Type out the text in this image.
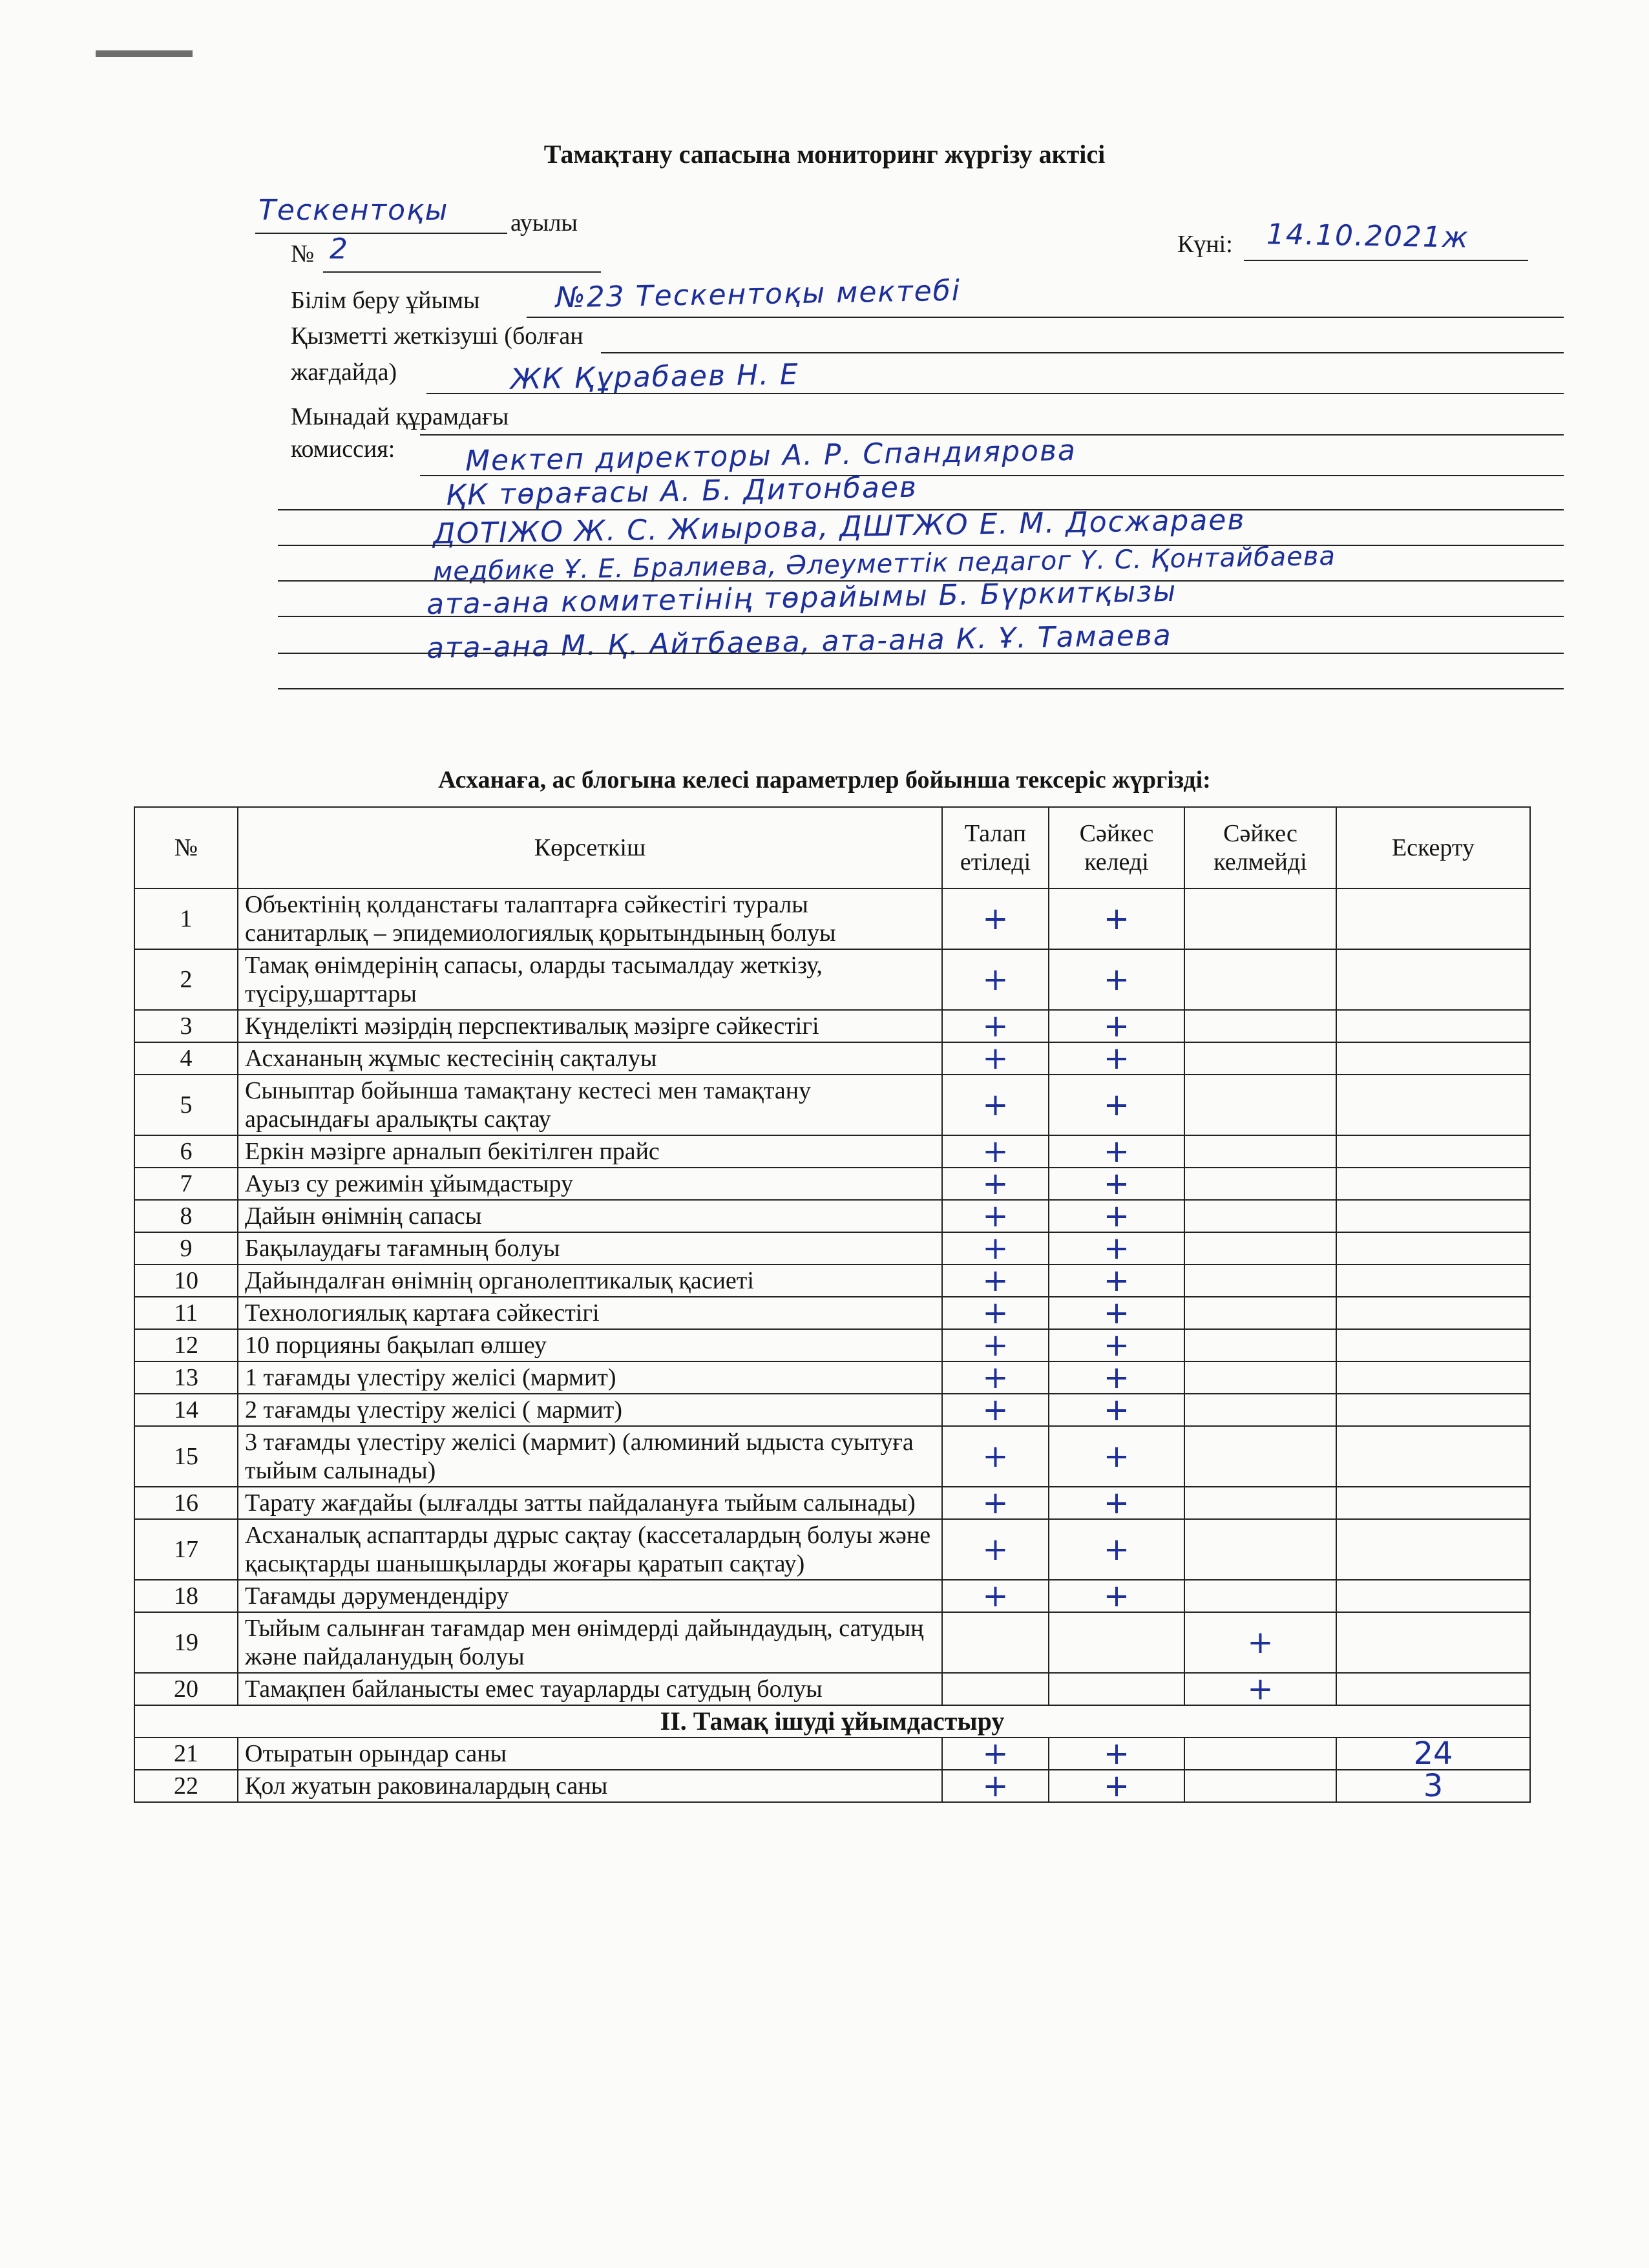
Тамақтану сапасына мониторинг жүргізу актісі
Тескентоқы	ауылы
Күні: 14.10.2021ж
№ 2
Білім беру ұйымы	№23 Тескентоқы мектебі
Қызметті жеткізуші (болған
жағдайда)	ЖК Құрабаев Н. Е
Мынадай құрамдағы
комиссия: Мектеп директоры А. Р. Спандиярова
ҚК төрағасы А. Б. Дитонбаев
ДОТІЖО Ж. С. Жиырова, ДШТЖО Е. М. Досжараев
медбике Ұ. Е. Бралиева, Әлеуметтік педагог Ү. С. Қонтайбаева
ата-ана комитетінің төрайымы Б. Бүркитқызы
ата-ана М. Қ. Айтбаева, ата-ана К. Ұ. Тамаева
Асханаға, ас блогына келесі параметрлер бойынша тексеріс жүргізді:
№	Көрсеткіш	Талап етіледі	Сәйкес келеді	Сәйкес келмейді	Ескерту
1	Объектінің қолданстағы талаптарға сәйкестігі туралы санитарлық – эпидемиологиялық қорытындының болуы	+	+		
2	Тамақ өнімдерінің сапасы, оларды тасымалдау жеткізу, түсіру,шарттары	+	+		
3	Күнделікті мәзірдің перспективалық мәзірге сәйкестігі	+	+		
4	Асхананың жұмыс кестесінің сақталуы	+	+		
5	Сыныптар бойынша тамақтану кестесі мен тамақтану арасындағы аралықты сақтау	+	+		
6	Еркін мәзірге арналып бекітілген прайс	+	+		
7	Ауыз су режимін ұйымдастыру	+	+		
8	Дайын өнімнің сапасы	+	+		
9	Бақылаудағы тағамның болуы	+	+		
10	Дайындалған өнімнің органолептикалық қасиеті	+	+		
11	Технологиялық картаға сәйкестігі	+	+		
12	10 порцияны бақылап өлшеу	+	+		
13	1 тағамды үлестіру желісі (мармит)	+	+		
14	2 тағамды үлестіру желісі ( мармит)	+	+		
15	3 тағамды үлестіру желісі (мармит) (алюминий ыдыста суытуға тыйым салынады)	+	+		
16	Тарату жағдайы (ылғалды затты пайдалануға тыйым салынады)	+	+		
17	Асханалық аспаптарды дұрыс сақтау (кассеталардың болуы және қасықтарды шанышқыларды жоғары қаратып сақтау)	+	+		
18	Тағамды дәрумендендіру	+	+		
19	Тыйым салынған тағамдар мен өнімдерді дайындаудың, сатудың және пайдаланудың болуы			+	
20	Тамақпен байланысты емес тауарларды сатудың болуы			+	
ІІ. Тамақ ішуді ұйымдастыру					
21	Отыратын орындар саны	+	+		24
22	Қол жуатын раковиналардың саны	+	+		3
